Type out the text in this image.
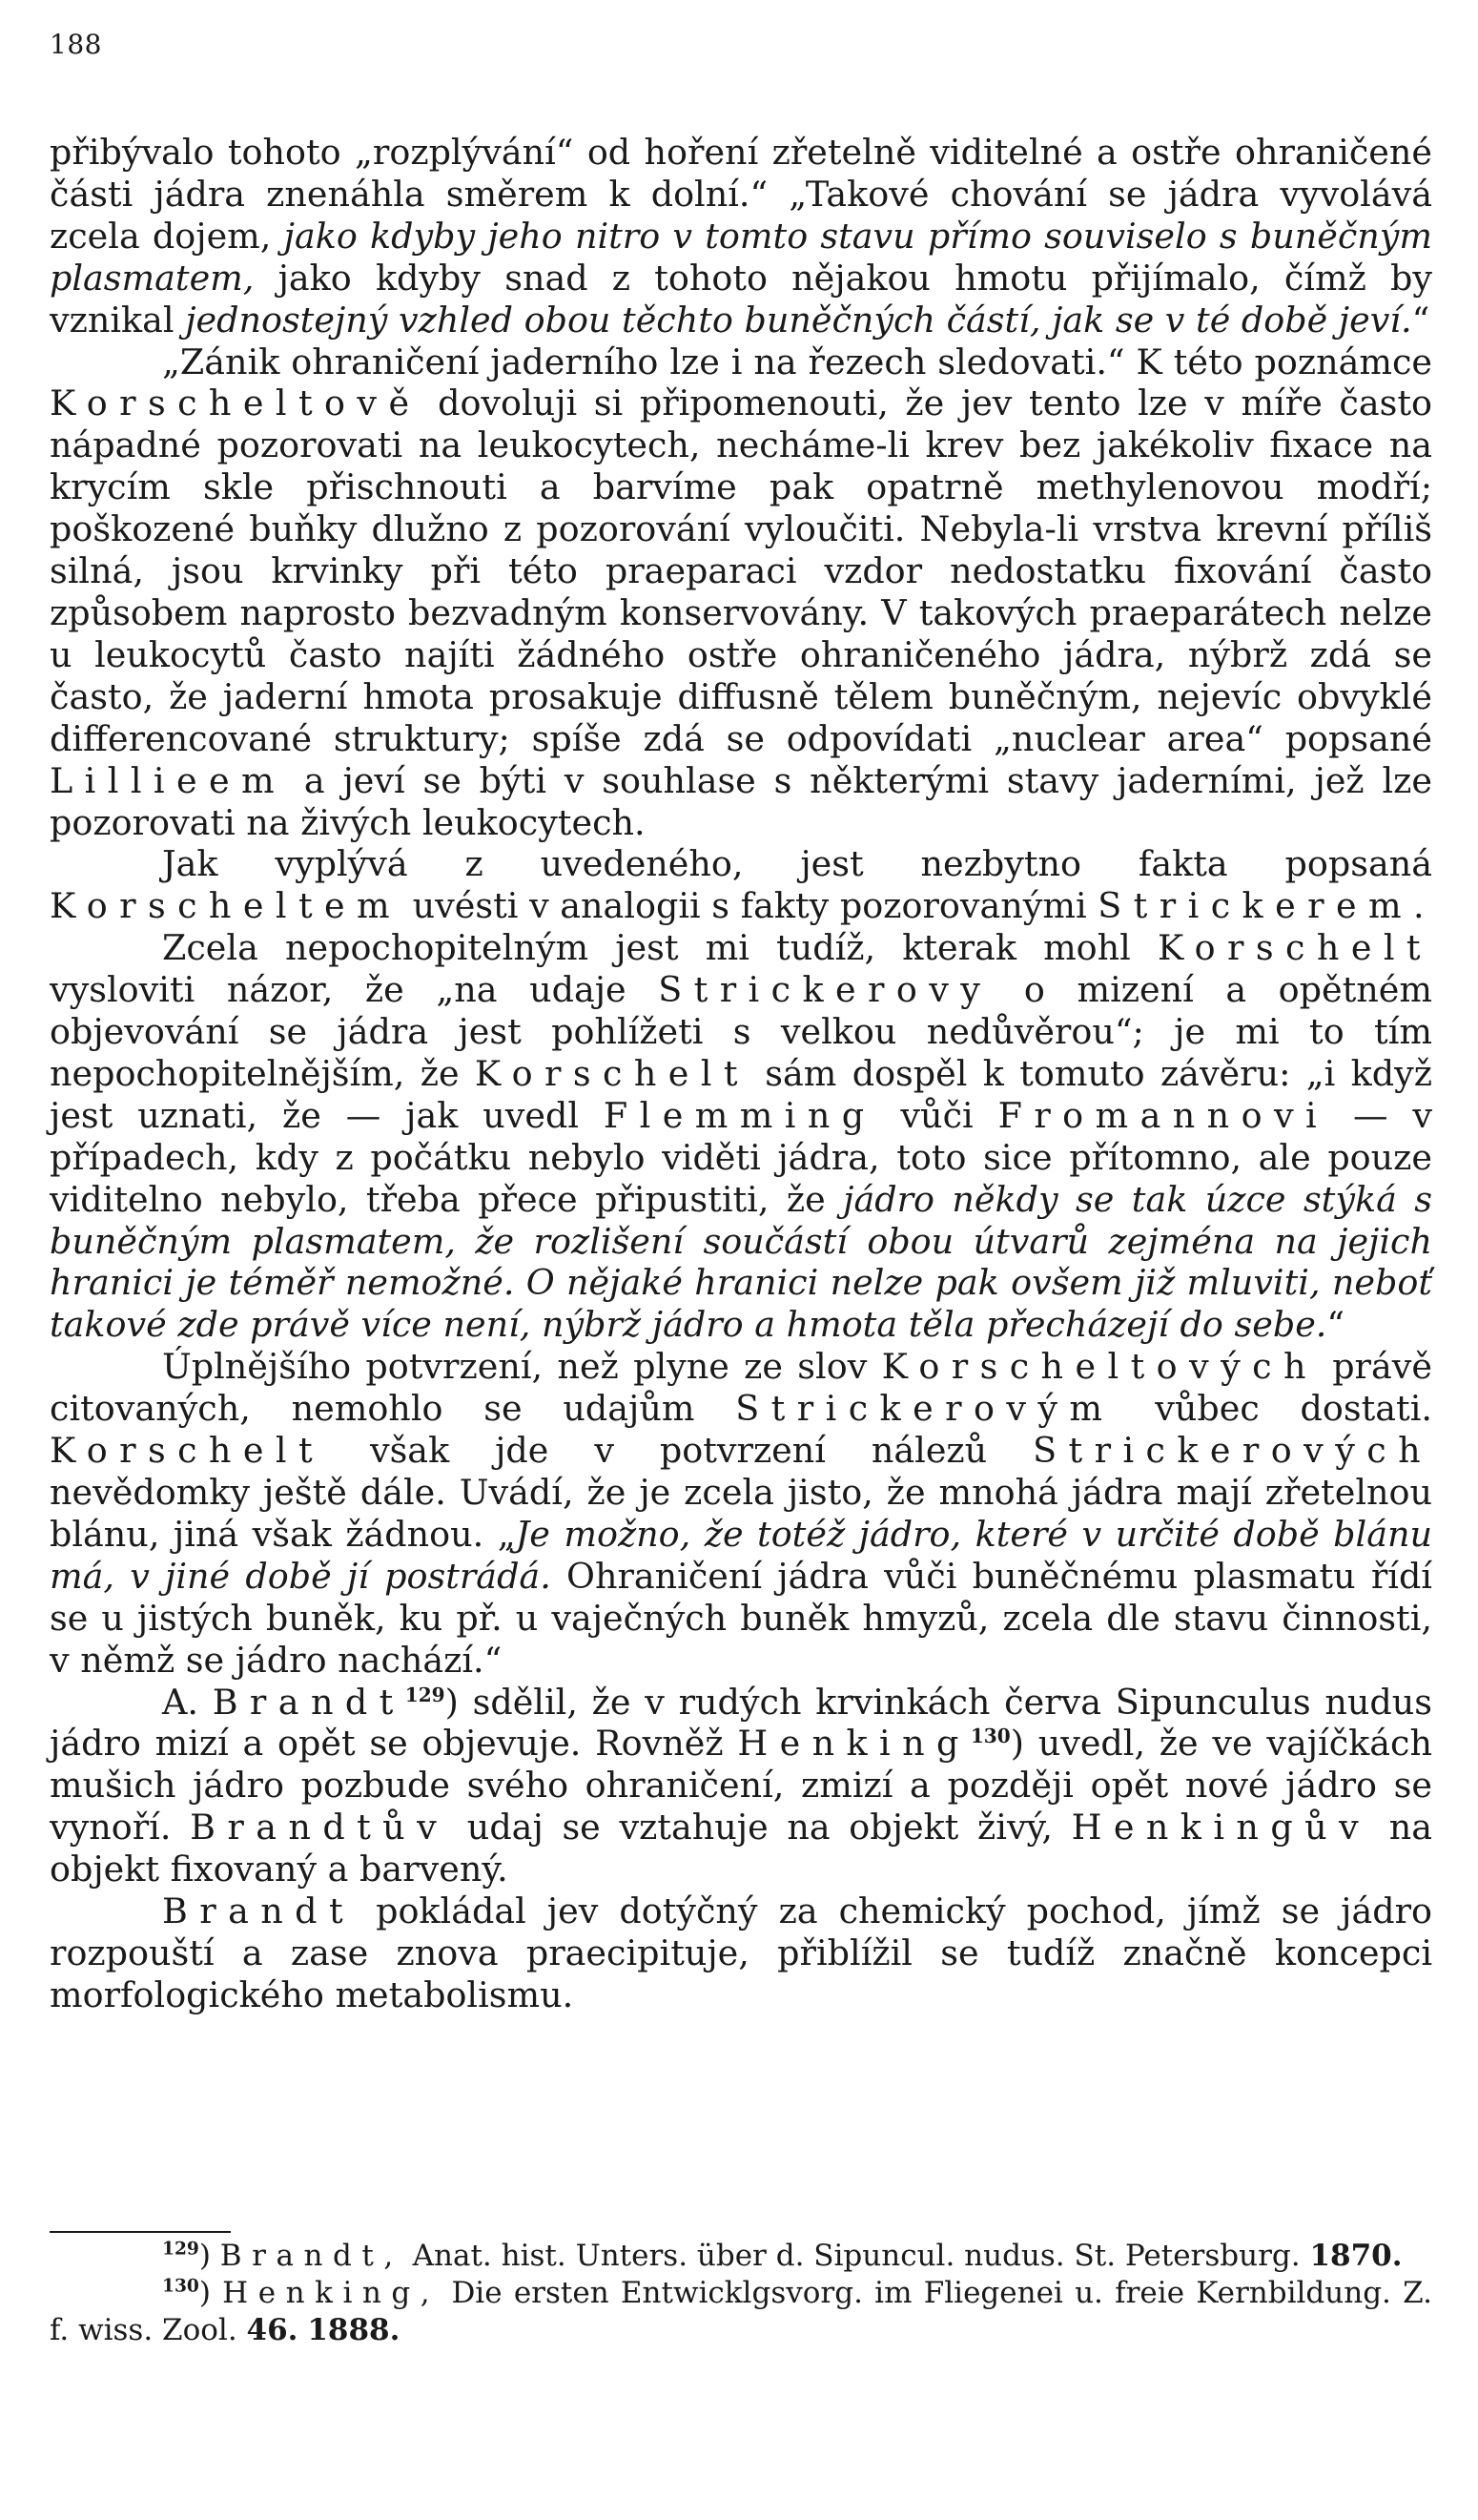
188

přibývalo tohoto „rozplývání“ od hoření zřetelně viditelné a ostře ohraničené části jádra znenáhla směrem k dolní.“ „Takové chování se jádra vyvolává zcela dojem, jako kdyby jeho nitro v tomto stavu přímo souviselo s buněčným plasmatem, jako kdyby snad z tohoto nějakou hmotu přijímalo, čímž by vznikal jednostejný vzhled obou těchto buněčných částí, jak se v té době jeví.“

„Zánik ohraničení jaderního lze i na řezech sledovati.“ K této poznámce Korscheltově dovoluji si připomenouti, že jev tento lze v míře často nápadné pozorovati na leukocytech, necháme-li krev bez jakékoliv fixace na krycím skle přischnouti a barvíme pak opatrně methylenovou modří; poškozené buňky dlužno z pozorování vyloučiti. Nebyla-li vrstva krevní příliš silná, jsou krvinky při této praeparaci vzdor nedostatku fixování často způsobem naprosto bezvadným konservovány. V takových praeparátech nelze u leukocytů často najíti žádného ostře ohraničeného jádra, nýbrž zdá se často, že jaderní hmota prosakuje diffusně tělem buněčným, nejevíc obvyklé differencované struktury; spíše zdá se odpovídati „nuclear area“ popsané Lillieem a jeví se býti v souhlase s některými stavy jaderními, jež lze pozorovati na živých leukocytech.

Jak vyplývá z uvedeného, jest nezbytno fakta popsaná Korscheltem uvésti v analogii s fakty pozorovanými Strickerem.

Zcela nepochopitelným jest mi tudíž, kterak mohl Korschelt vysloviti názor, že „na udaje Strickerovy o mizení a opětném objevování se jádra jest pohlížeti s velkou nedůvěrou“; je mi to tím nepochopitelnějším, že Korschelt sám dospěl k tomuto závěru: „i když jest uznati, že — jak uvedl Flemming vůči Fromannovi — v případech, kdy z počátku nebylo viděti jádra, toto sice přítomno, ale pouze viditelno nebylo, třeba přece připustiti, že jádro někdy se tak úzce stýká s buněčným plasmatem, že rozlišení součástí obou útvarů zejména na jejich hranici je téměř nemožné. O nějaké hranici nelze pak ovšem již mluviti, neboť takové zde právě více není, nýbrž jádro a hmota těla přecházejí do sebe.“

Úplnějšího potvrzení, než plyne ze slov Korscheltových právě citovaných, nemohlo se udajům Strickerovým vůbec dostati. Korschelt však jde v potvrzení nálezů Strickerových nevědomky ještě dále. Uvádí, že je zcela jisto, že mnohá jádra mají zřetelnou blánu, jiná však žádnou. „Je možno, že totéž jádro, které v určité době blánu má, v jiné době jí postrádá. Ohraničení jádra vůči buněčnému plasmatu řídí se u jistých buněk, ku př. u vaječných buněk hmyzů, zcela dle stavu činnosti, v němž se jádro nachází.“

A. Brandt$^{129}$) sdělil, že v rudých krvinkách červa Sipunculus nudus jádro mizí a opět se objevuje. Rovněž Henking$^{130}$) uvedl, že ve vajíčkách mušich jádro pozbude svého ohraničení, zmizí a později opět nové jádro se vynoří. Brandtův udaj se vztahuje na objekt živý, Henkingův na objekt fixovaný a barvený.

Brandt pokládal jev dotýčný za chemický pochod, jímž se jádro rozpouští a zase znova praecipituje, přiblížil se tudíž značně koncepci morfologického metabolismu.

$^{129}$) Brandt, Anat. hist. Unters. über d. Sipuncul. nudus. St. Petersburg. 1870.

$^{130}$) Henking, Die ersten Entwicklgsvorg. im Fliegenei u. freie Kernbildung. Z. f. wiss. Zool. 46. 1888.
